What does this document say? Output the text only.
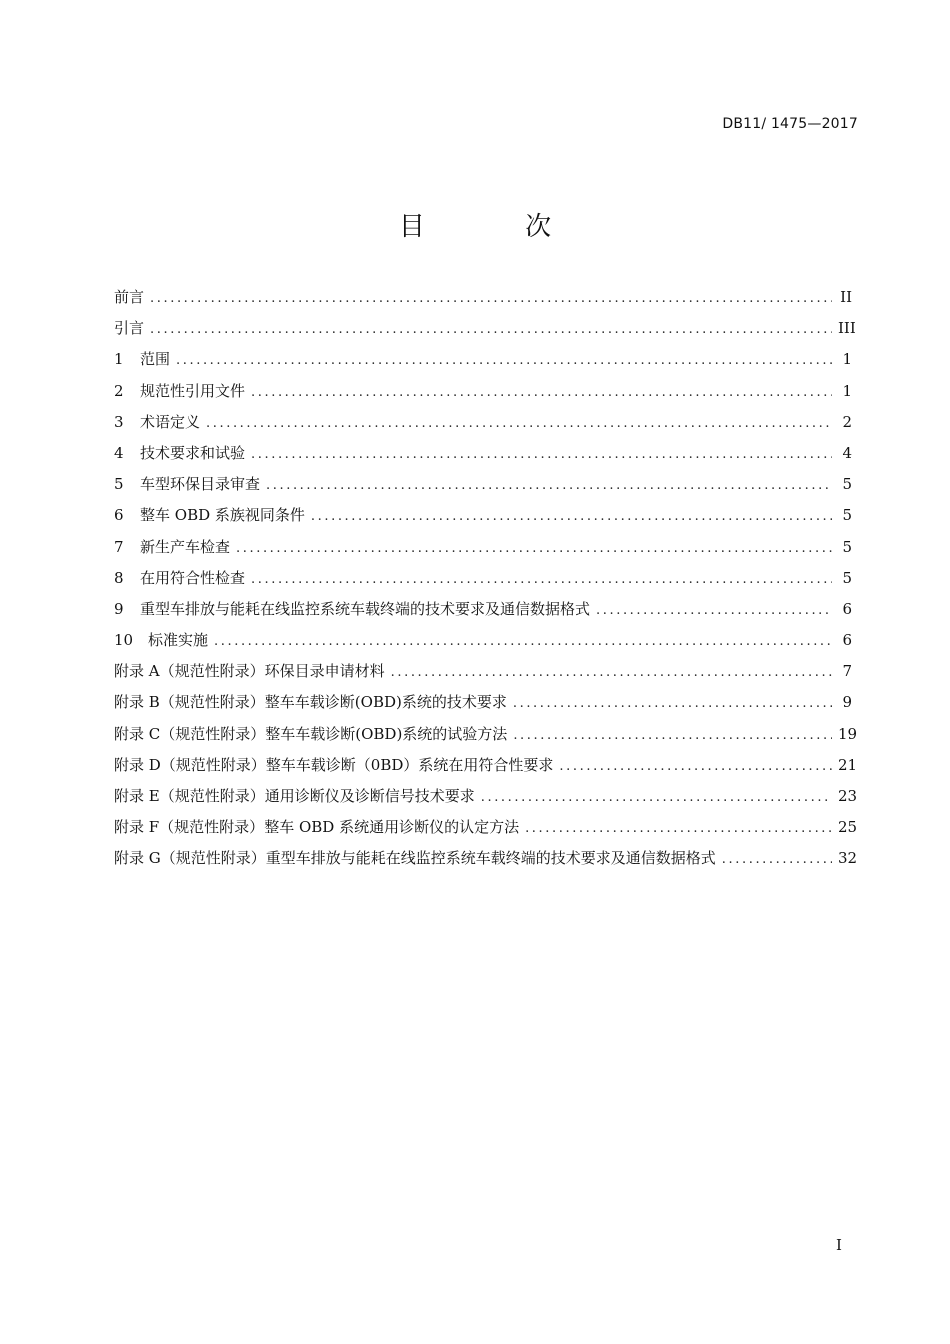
DB11/ 1475—2017
目 次
前言 .....	II
引言 .....	III
1	范围 .....	1
2	规范性引用文件 .....	1
3	术语定义 .....	2
4	技术要求和试验 .....	4
5	车型环保目录审查 .....	5
6	整车 OBD 系族视同条件 .....	5
7	新生产车检查 .....	5
8	在用符合性检查 .....	5
9	重型车排放与能耗在线监控系统车载终端的技术要求及通信数据格式 .....	6
10 标准实施 .....	6
附录 A（规范性附录） 环保目录申请材料 .....	7
附录 B（规范性附录） 整车车载诊断(OBD)系统的技术要求 .....	9
附录 C（规范性附录） 整车车载诊断(OBD)系统的试验方法 .....	19
附录 D（规范性附录） 整车车载诊断（0BD）系统在用符合性要求 .....	21
附录 E（规范性附录） 通用诊断仪及诊断信号技术要求 .....	23
附录 F（规范性附录） 整车 OBD 系统通用诊断仪的认定方法 .....	25
附录 G（规范性附录） 重型车排放与能耗在线监控系统车载终端的技术要求及通信数据格式 .....	32
I
